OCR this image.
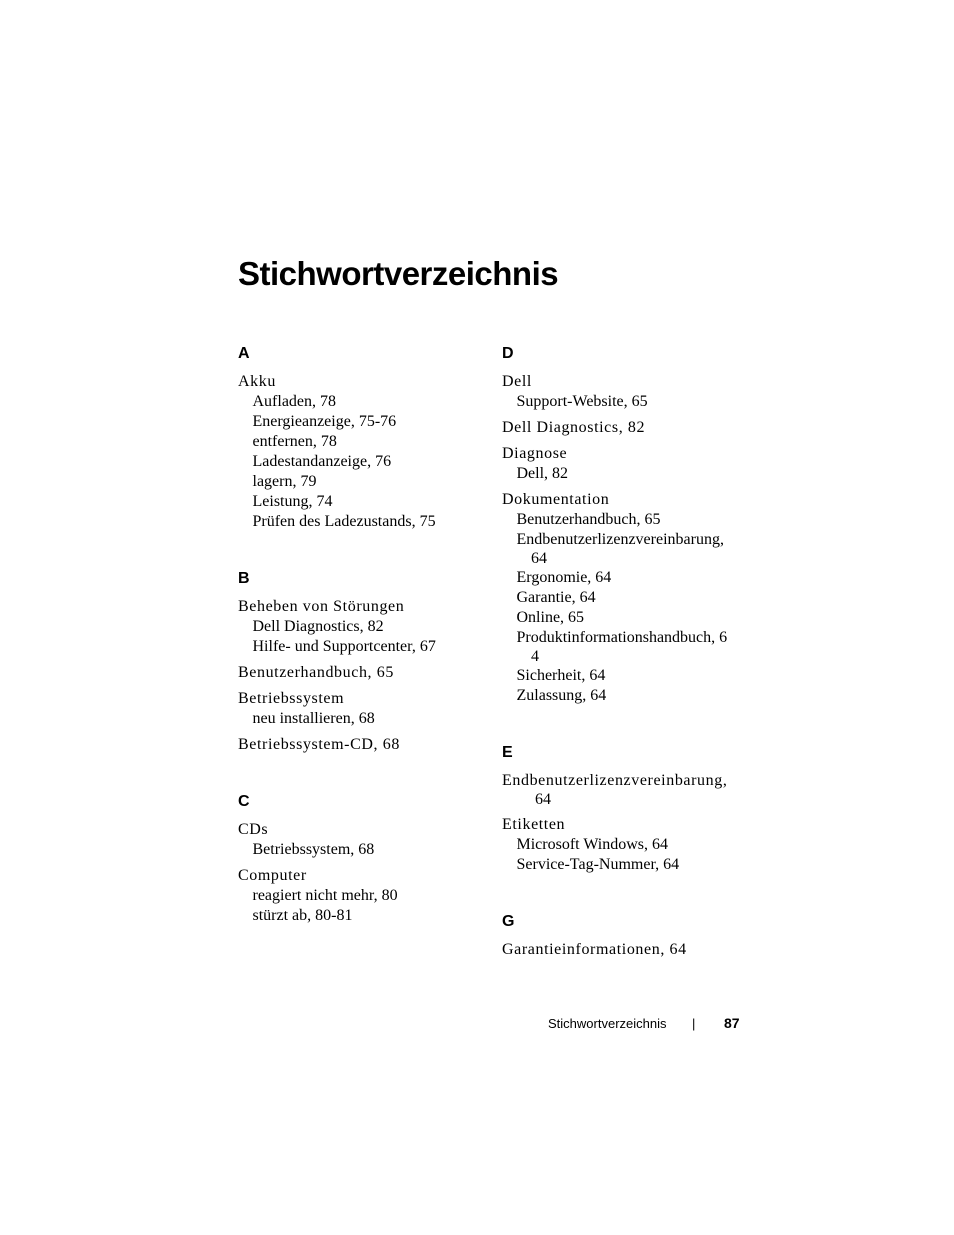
Stichwortverzeichnis
A
Akku
Aufladen, 78
Energieanzeige, 75-76
entfernen, 78
Ladestandanzeige, 76
lagern, 79
Leistung, 74
Prüfen des Ladezustands, 75
B
Beheben von Störungen
Dell Diagnostics, 82
Hilfe- und Supportcenter, 67
Benutzerhandbuch, 65
Betriebssystem
neu installieren, 68
Betriebssystem-CD, 68
C
CDs
Betriebssystem, 68
Computer
reagiert nicht mehr, 80
stürzt ab, 80-81
D
Dell
Support-Website, 65
Dell Diagnostics, 82
Diagnose
Dell, 82
Dokumentation
Benutzerhandbuch, 65
Endbenutzerlizenzvereinbarung,
64
Ergonomie, 64
Garantie, 64
Online, 65
Produktinformationshandbuch, 6
4
Sicherheit, 64
Zulassung, 64
E
Endbenutzerlizenzvereinbarung,
64
Etiketten
Microsoft Windows, 64
Service-Tag-Nummer, 64
G
Garantieinformationen, 64
Stichwortverzeichnis | 87
